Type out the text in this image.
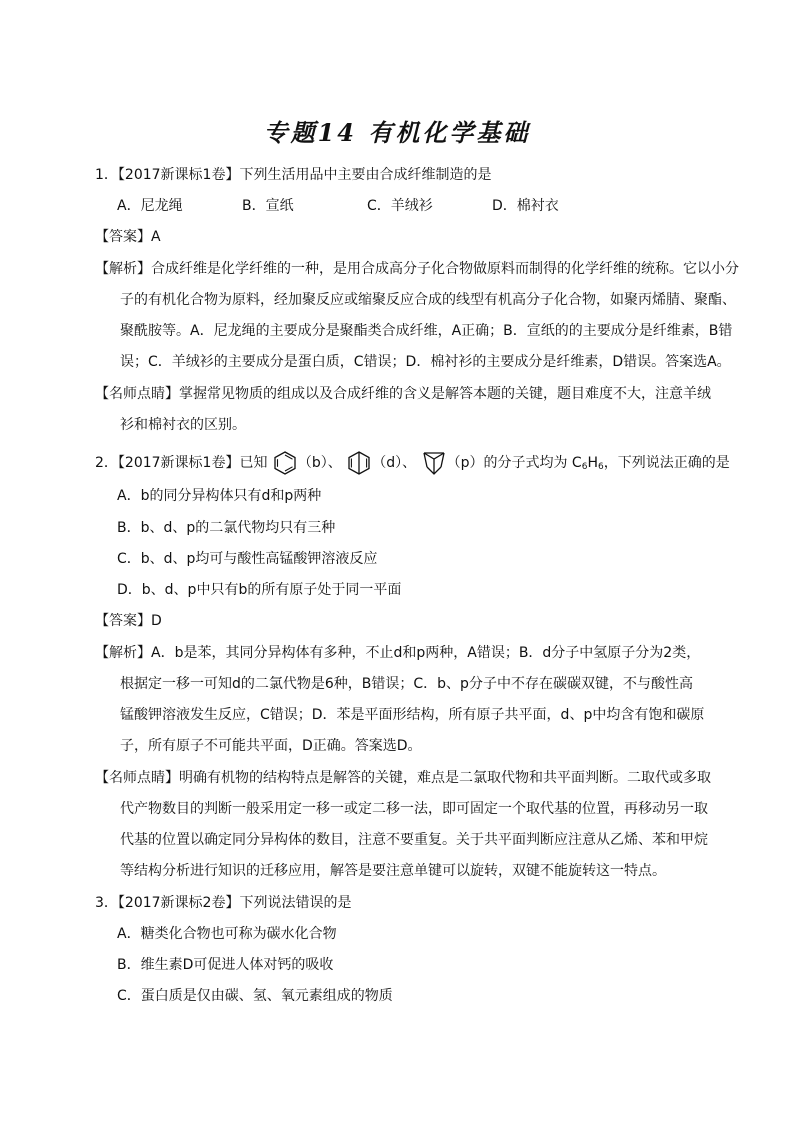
专题14 有机化学基础
1．【2017新课标1卷】下列生活用品中主要由合成纤维制造的是
A．尼龙绳	B．宣纸	C．羊绒衫	D．棉衬衣
【答案】A
【解析】合成纤维是化学纤维的一种，是用合成高分子化合物做原料而制得的化学纤维的统称。它以小分
子的有机化合物为原料，经加聚反应或缩聚反应合成的线型有机高分子化合物，如聚丙烯腈、聚酯、
聚酰胺等。A．尼龙绳的主要成分是聚酯类合成纤维，A正确；B．宣纸的的主要成分是纤维素，B错
误；C．羊绒衫的主要成分是蛋白质，C错误；D．棉衬衫的主要成分是纤维素，D错误。答案选A。
【名师点睛】掌握常见物质的组成以及合成纤维的含义是解答本题的关键，题目难度不大，注意羊绒
衫和棉衬衣的区别。
2．【2017新课标1卷】已知 （b）、 （d）、 （p）的分子式均为 $C_6H_6$，下列说法正确的是
A．b的同分异构体只有d和p两种
B．b、d、p的二氯代物均只有三种
C．b、d、p均可与酸性高锰酸钾溶液反应
D．b、d、p中只有b的所有原子处于同一平面
【答案】D
【解析】A．b是苯，其同分异构体有多种，不止d和p两种，A错误；B．d分子中氢原子分为2类，
根据定一移一可知d的二氯代物是6种，B错误；C．b、p分子中不存在碳碳双键，不与酸性高
锰酸钾溶液发生反应，C错误；D．苯是平面形结构，所有原子共平面，d、p中均含有饱和碳原
子，所有原子不可能共平面，D正确。答案选D。
【名师点睛】明确有机物的结构特点是解答的关键，难点是二氯取代物和共平面判断。二取代或多取
代产物数目的判断一般采用定一移一或定二移一法，即可固定一个取代基的位置，再移动另一取
代基的位置以确定同分异构体的数目，注意不要重复。关于共平面判断应注意从乙烯、苯和甲烷
等结构分析进行知识的迁移应用，解答是要注意单键可以旋转，双键不能旋转这一特点。
3．【2017新课标2卷】下列说法错误的是
A．糖类化合物也可称为碳水化合物
B．维生素D可促进人体对钙的吸收
C．蛋白质是仅由碳、氢、氧元素组成的物质
